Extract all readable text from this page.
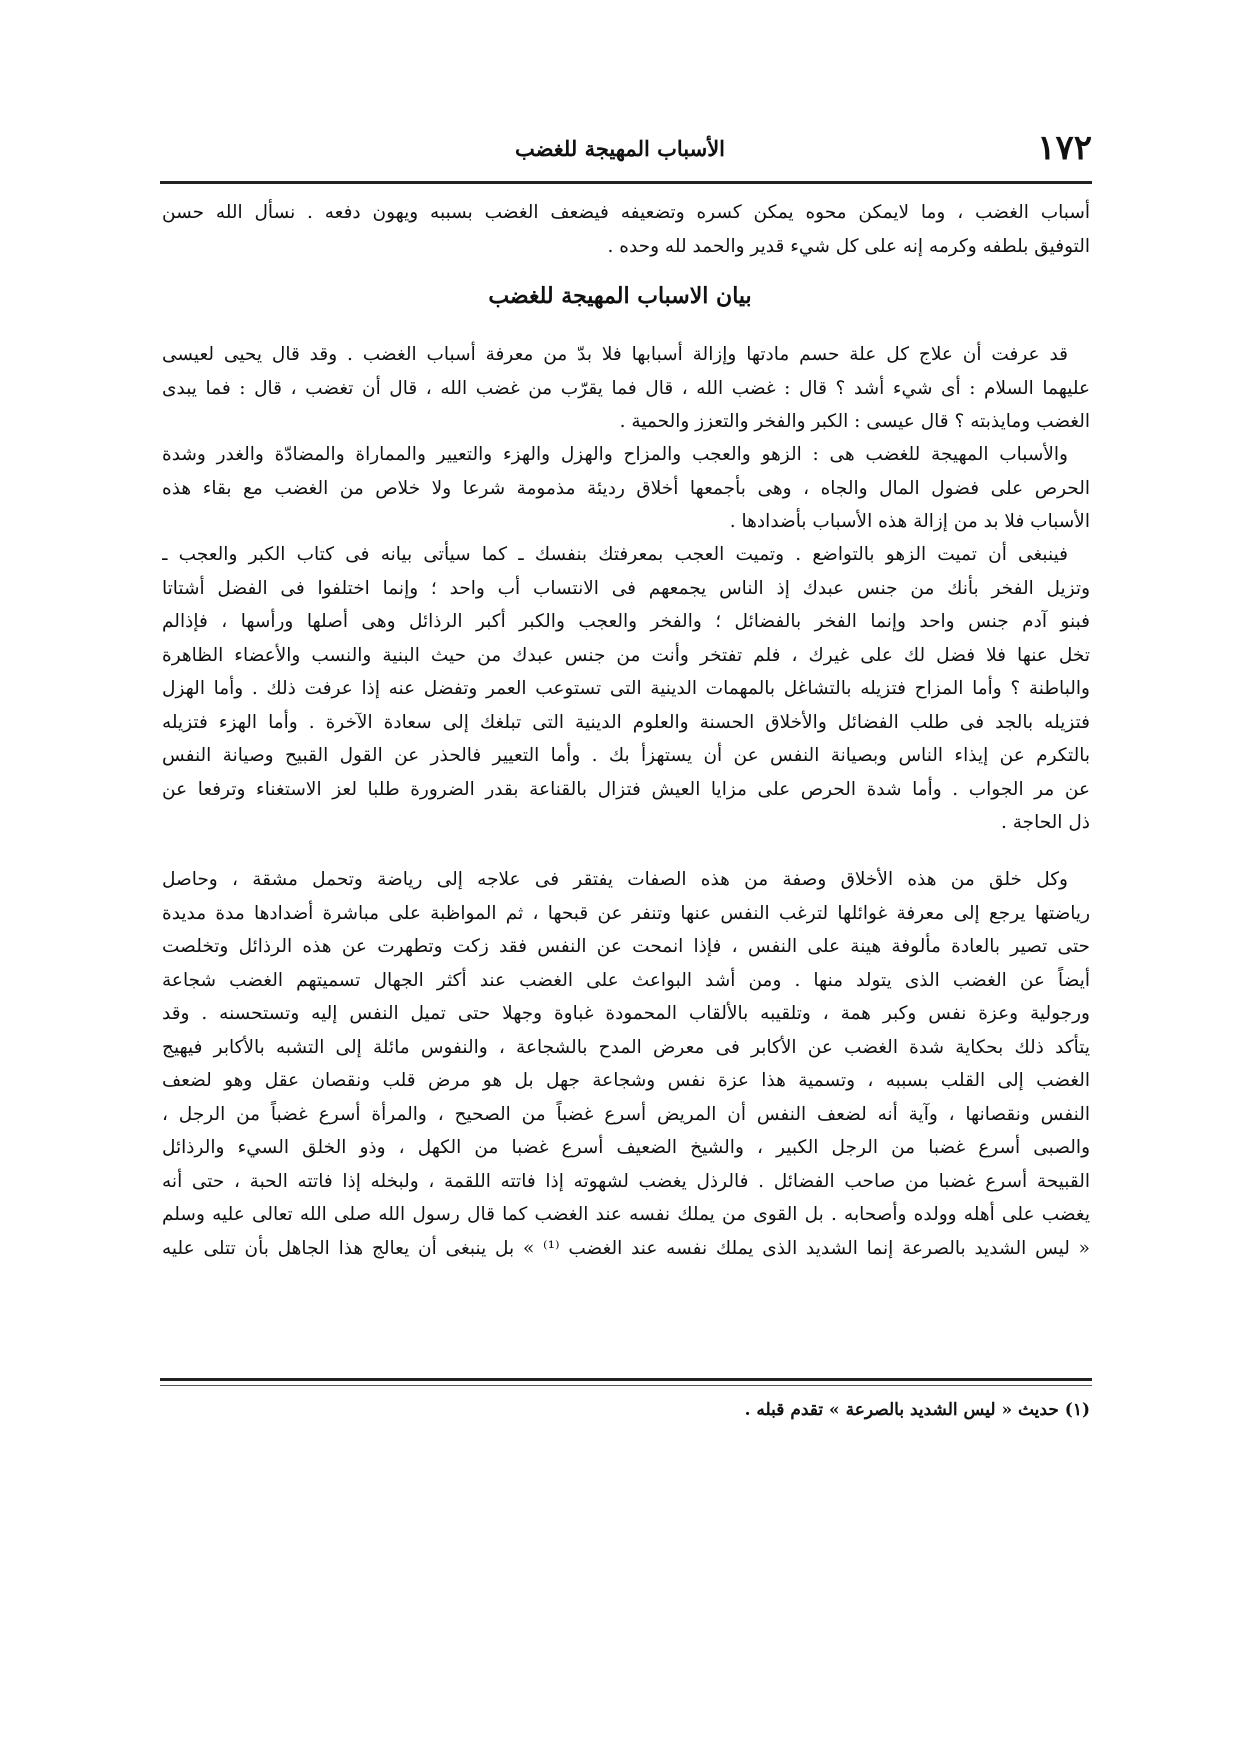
١٧٢
الأسباب المهيجة للغضب
أسباب الغضب ، وما لايمكن محوه يمكن كسره وتضعيفه فيضعف الغضب بسببه ويهون دفعه . نسأل الله حسن
التوفيق بلطفه وكرمه إنه على كل شيء قدير والحمد لله وحده .
بيان الاسباب المهيجة للغضب
قد عرفت أن علاج كل علة حسم مادتها وإزالة أسبابها فلا بدّ من معرفة أسباب الغضب . وقد قال يحيى لعيسى
عليهما السلام : أى شيء أشد ؟ قال : غضب الله ، قال فما يقرّب من غضب الله ، قال أن تغضب ، قال : فما يبدى
الغضب ومايذبته ؟ قال عيسى : الكبر والفخر والتعزز والحمية .
والأسباب المهيجة للغضب هى : الزهو والعجب والمزاح والهزل والهزء والتعيير والمماراة والمضادّة والغدر وشدة
الحرص على فضول المال والجاه ، وهى بأجمعها أخلاق رديئة مذمومة شرعا ولا خلاص من الغضب مع بقاء هذه
الأسباب فلا بد من إزالة هذه الأسباب بأضدادها .
فينبغى أن تميت الزهو بالتواضع . وتميت العجب بمعرفتك بنفسك ـ كما سيأتى بيانه فى كتاب الكبر والعجب ـ
وتزيل الفخر بأنك من جنس عبدك إذ الناس يجمعهم فى الانتساب أب واحد ؛ وإنما اختلفوا فى الفضل أشتاتا
فبنو آدم جنس واحد وإنما الفخر بالفضائل ؛ والفخر والعجب والكبر أكبر الرذائل وهى أصلها ورأسها ، فإذالم
تخل عنها فلا فضل لك على غيرك ، فلم تفتخر وأنت من جنس عبدك من حيث البنية والنسب والأعضاء الظاهرة
والباطنة ؟ وأما المزاح فتزيله بالتشاغل بالمهمات الدينية التى تستوعب العمر وتفضل عنه إذا عرفت ذلك . وأما الهزل
فتزيله بالجد فى طلب الفضائل والأخلاق الحسنة والعلوم الدينية التى تبلغك إلى سعادة الآخرة . وأما الهزء فتزيله
بالتكرم عن إيذاء الناس وبصيانة النفس عن أن يستهزأ بك . وأما التعيير فالحذر عن القول القبيح وصيانة النفس
عن مر الجواب . وأما شدة الحرص على مزايا العيش فتزال بالقناعة بقدر الضرورة طلبا لعز الاستغناء وترفعا عن
ذل الحاجة .
وكل خلق من هذه الأخلاق وصفة من هذه الصفات يفتقر فى علاجه إلى رياضة وتحمل مشقة ، وحاصل
رياضتها يرجع إلى معرفة غوائلها لترغب النفس عنها وتنفر عن قبحها ، ثم المواظبة على مباشرة أضدادها مدة مديدة
حتى تصير بالعادة مألوفة هينة على النفس ، فإذا انمحت عن النفس فقد زكت وتطهرت عن هذه الرذائل وتخلصت
أيضاً عن الغضب الذى يتولد منها . ومن أشد البواعث على الغضب عند أكثر الجهال تسميتهم الغضب شجاعة
ورجولية وعزة نفس وكبر همة ، وتلقيبه بالألقاب المحمودة غباوة وجهلا حتى تميل النفس إليه وتستحسنه . وقد
يتأكد ذلك بحكاية شدة الغضب عن الأكابر فى معرض المدح بالشجاعة ، والنفوس مائلة إلى التشبه بالأكابر فيهيج
الغضب إلى القلب بسببه ، وتسمية هذا عزة نفس وشجاعة جهل بل هو مرض قلب ونقصان عقل وهو لضعف
النفس ونقصانها ، وآية أنه لضعف النفس أن المريض أسرع غضباً من الصحيح ، والمرأة أسرع غضباً من الرجل ،
والصبى أسرع غضبا من الرجل الكبير ، والشيخ الضعيف أسرع غضبا من الكهل ، وذو الخلق السيء والرذائل
القبيحة أسرع غضبا من صاحب الفضائل . فالرذل يغضب لشهوته إذا فاتته اللقمة ، ولبخله إذا فاتته الحبة ، حتى أنه
يغضب على أهله وولده وأصحابه . بل القوى من يملك نفسه عند الغضب كما قال رسول الله صلى الله تعالى عليه وسلم
« ليس الشديد بالصرعة إنما الشديد الذى يملك نفسه عند الغضب ⁽¹⁾ » بل ينبغى أن يعالج هذا الجاهل بأن تتلى عليه
(١) حديث « ليس الشديد بالصرعة » تقدم قبله .
